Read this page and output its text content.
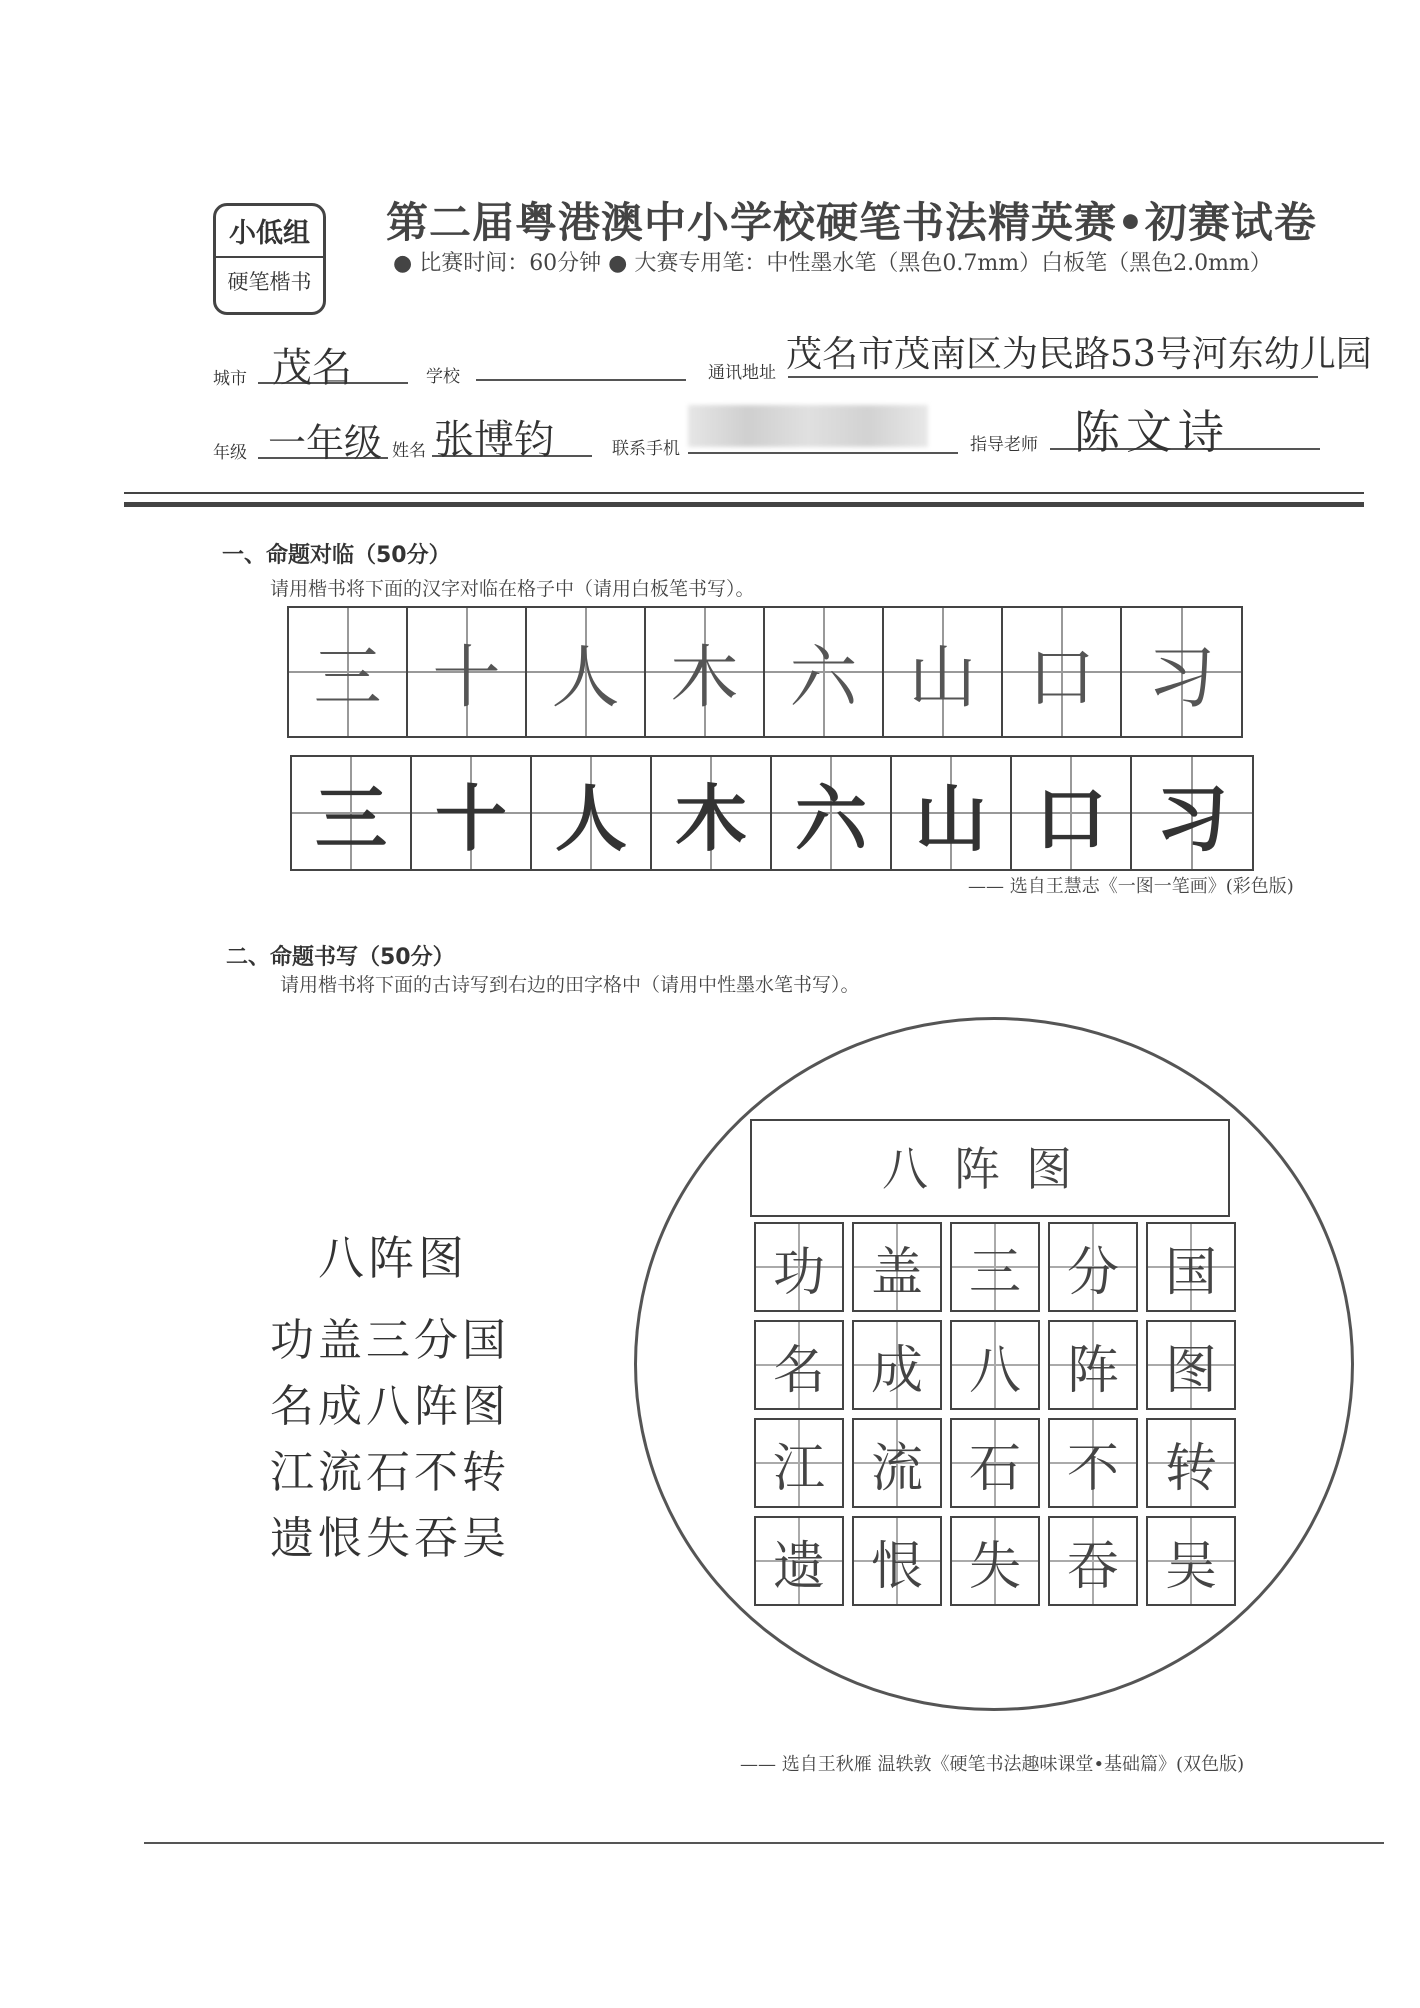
小低组
硬笔楷书
第二届粤港澳中小学校硬笔书法精英赛•初赛试卷
● 比赛时间：60分钟 ● 大赛专用笔：中性墨水笔（黑色0.7mm）白板笔（黑色2.0mm）
城市 茂名	学校	通讯地址 茂名市茂南区为民路53号河东幼儿园
年级 一年级 姓名 张博钧	联系手机	指导老师 陈文诗
一、命题对临（50分）
请用楷书将下面的汉字对临在格子中（请用白板笔书写）。
三 十 人 木 六 山 口 习
三 十 人 木 六 山 口 习
—— 选自王慧志《一图一笔画》(彩色版)
二、命题书写（50分）
请用楷书将下面的古诗写到右边的田字格中（请用中性墨水笔书写）。
八阵图
功盖三分国
名成八阵图
江流石不转
遗恨失吞吴
八阵图
功 盖 三 分 国
名 成 八 阵 图
江 流 石 不 转
遗 恨 失 吞 吴
—— 选自王秋雁 温轶敦《硬笔书法趣味课堂•基础篇》(双色版)
